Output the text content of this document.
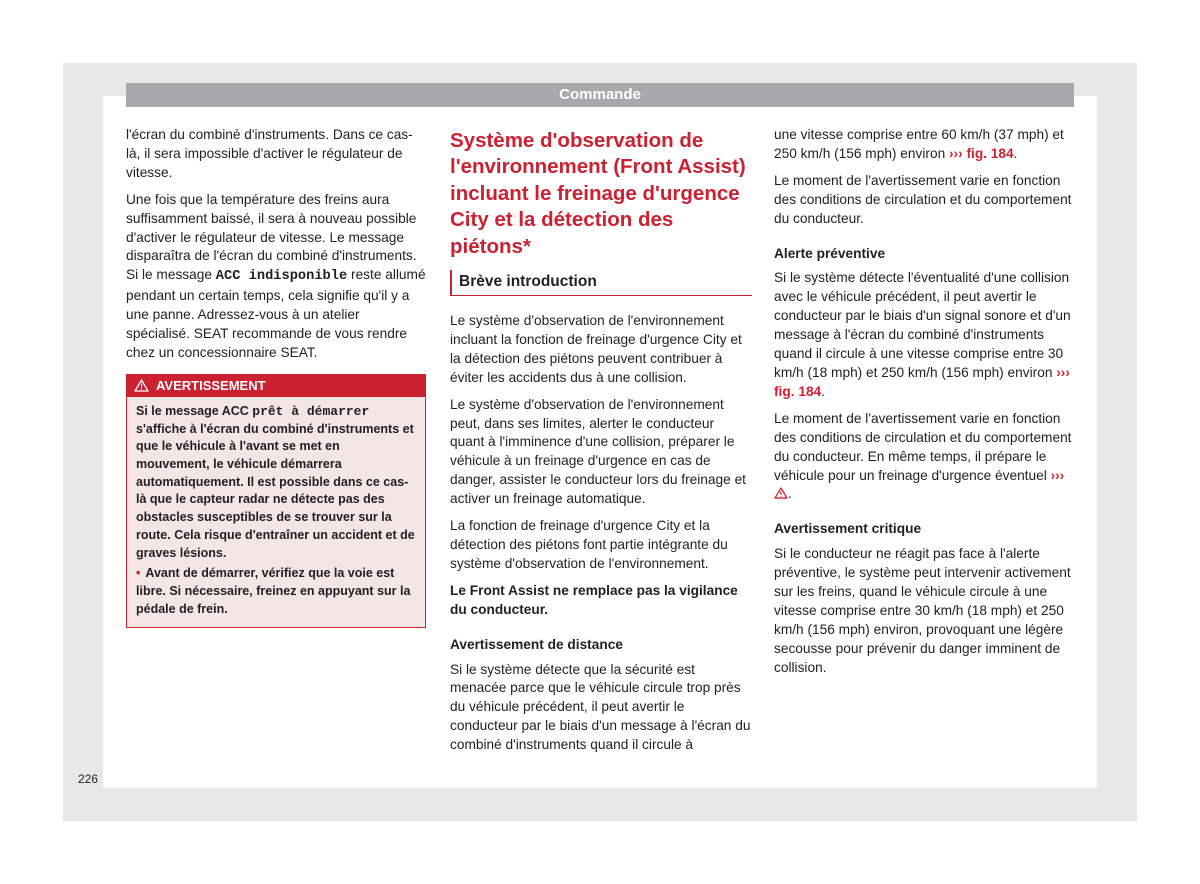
Commande

l'écran du combiné d'instruments. Dans ce cas-là, il sera impossible d'activer le régulateur de vitesse.

Une fois que la température des freins aura suffisamment baissé, il sera à nouveau possible d'activer le régulateur de vitesse. Le message disparaîtra de l'écran du combiné d'instruments. Si le message ACC indisponible reste allumé pendant un certain temps, cela signifie qu'il y a une panne. Adressez-vous à un atelier spécialisé. SEAT recommande de vous rendre chez un concessionnaire SEAT.

AVERTISSEMENT

Si le message ACC prêt à démarrer s'affiche à l'écran du combiné d'instruments et que le véhicule à l'avant se met en mouvement, le véhicule démarrera automatiquement. Il est possible dans ce cas-là que le capteur radar ne détecte pas des obstacles susceptibles de se trouver sur la route. Cela risque d'entraîner un accident et de graves lésions.

• Avant de démarrer, vérifiez que la voie est libre. Si nécessaire, freinez en appuyant sur la pédale de frein.

Système d'observation de l'environnement (Front Assist) incluant le freinage d'urgence City et la détection des piétons*
Brève introduction

Le système d'observation de l'environnement incluant la fonction de freinage d'urgence City et la détection des piétons peuvent contribuer à éviter les accidents dus à une collision.

Le système d'observation de l'environnement peut, dans ses limites, alerter le conducteur quant à l'imminence d'une collision, préparer le véhicule à un freinage d'urgence en cas de danger, assister le conducteur lors du freinage et activer un freinage automatique.

La fonction de freinage d'urgence City et la détection des piétons font partie intégrante du système d'observation de l'environnement.

Le Front Assist ne remplace pas la vigilance du conducteur.

Avertissement de distance

Si le système détecte que la sécurité est menacée parce que le véhicule circule trop près du véhicule précédent, il peut avertir le conducteur par le biais d'un message à l'écran du combiné d'instruments quand il circule à

une vitesse comprise entre 60 km/h (37 mph) et 250 km/h (156 mph) environ ››› fig. 184.

Le moment de l'avertissement varie en fonction des conditions de circulation et du comportement du conducteur.

Alerte préventive

Si le système détecte l'éventualité d'une collision avec le véhicule précédent, il peut avertir le conducteur par le biais d'un signal sonore et d'un message à l'écran du combiné d'instruments quand il circule à une vitesse comprise entre 30 km/h (18 mph) et 250 km/h (156 mph) environ ››› fig. 184.

Le moment de l'avertissement varie en fonction des conditions de circulation et du comportement du conducteur. En même temps, il prépare le véhicule pour un freinage d'urgence éventuel ››› .

Avertissement critique

Si le conducteur ne réagit pas face à l'alerte préventive, le système peut intervenir activement sur les freins, quand le véhicule circule à une vitesse comprise entre 30 km/h (18 mph) et 250 km/h (156 mph) environ, provoquant une légère secousse pour prévenir du danger imminent de collision.

226
